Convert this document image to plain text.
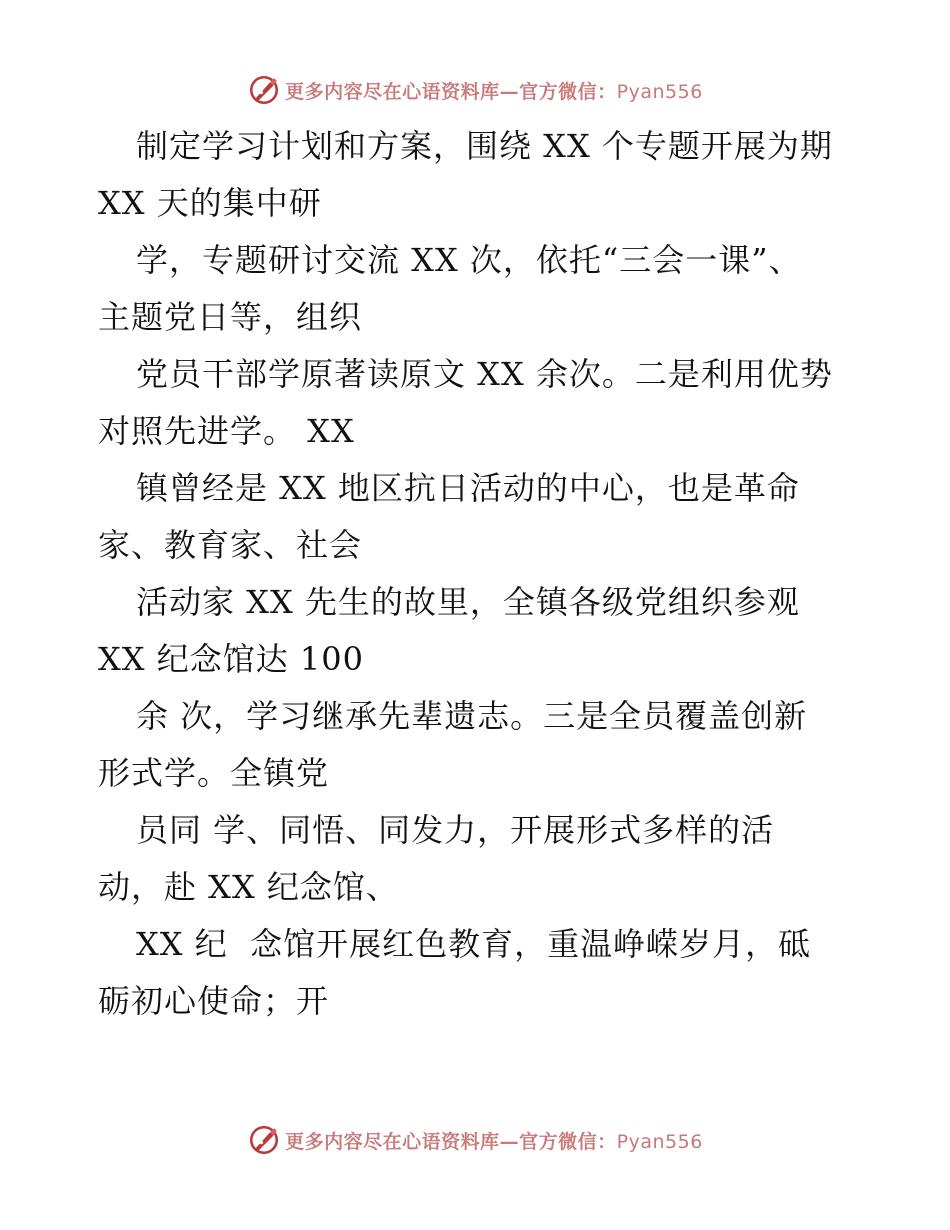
更多内容尽在心语资料库—官方微信：Pyan556
制定学习计划和方案，围绕 XX 个专题开展为期
XX 天的集中研
学，专题研讨交流 XX 次，依托“三会一课”、
主题党日等，组织
党员干部学原著读原文 XX 余次。二是利用优势
对照先进学。 XX
镇曾经是 XX 地区抗日活动的中心，也是革命
家、教育家、社会
活动家 XX 先生的故里，全镇各级党组织参观
XX 纪念馆达 100
余 次，学习继承先辈遗志。三是全员覆盖创新
形式学。全镇党
员同 学、同悟、同发力，开展形式多样的活
动，赴 XX 纪念馆、
XX 纪  念馆开展红色教育，重温峥嵘岁月，砥
砺初心使命；开
更多内容尽在心语资料库—官方微信：Pyan556
